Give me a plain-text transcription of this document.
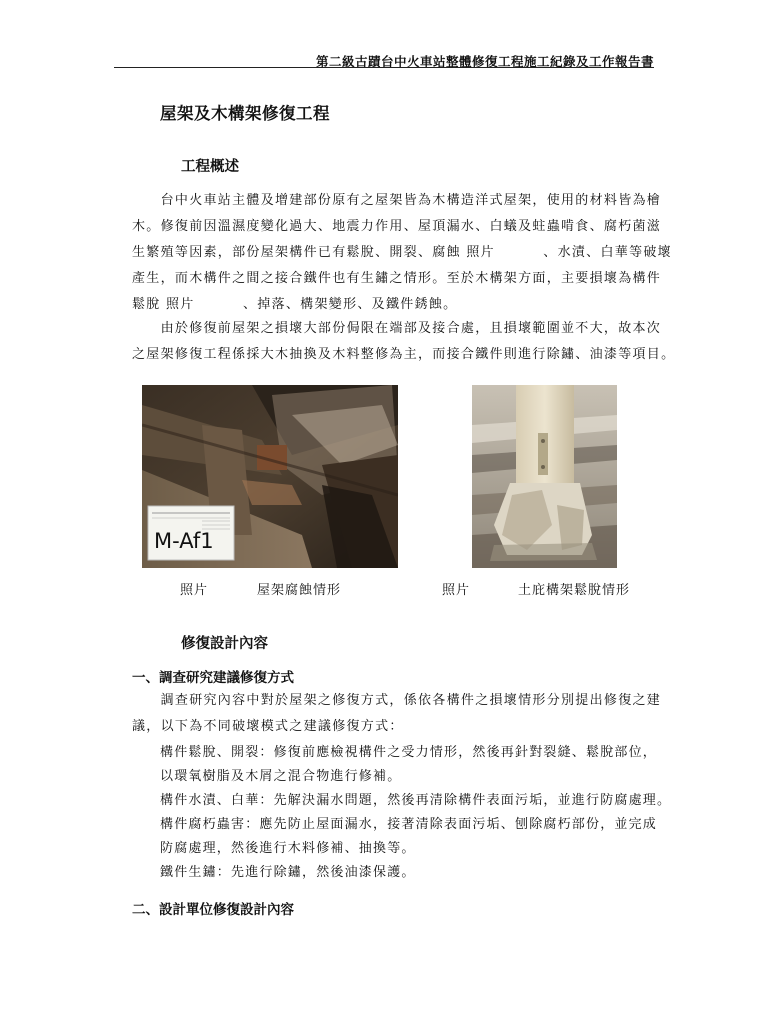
第二級古蹟台中火車站整體修復工程施工紀錄及工作報告書
屋架及木構架修復工程
工程概述
　　台中火車站主體及增建部份原有之屋架皆為木構造洋式屋架，使用的材料皆為檜
木。修復前因溫濕度變化過大、地震力作用、屋頂漏水、白蟻及蛀蟲啃食、腐朽菌滋
生繁殖等因素，部份屋架構件已有鬆脫、開裂、腐蝕 照片 　　　、水漬、白華等破壞
產生，而木構件之間之接合鐵件也有生鏽之情形。至於木構架方面，主要損壞為構件
鬆脫 照片 　　　、掉落、構架變形、及鐵件銹蝕。
　　由於修復前屋架之損壞大部份侷限在端部及接合處，且損壞範圍並不大，故本次
之屋架修復工程係採大木抽換及木料整修為主，而接合鐵件則進行除鏽、油漆等項目。
M-Af1
照片	屋架腐蝕情形	照片	土庇構架鬆脫情形
修復設計內容
一、調查研究建議修復方式
　　調查研究內容中對於屋架之修復方式，係依各構件之損壞情形分別提出修復之建
議，以下為不同破壞模式之建議修復方式：
構件鬆脫、開裂：修復前應檢視構件之受力情形，然後再針對裂縫、鬆脫部位，
以環氧樹脂及木屑之混合物進行修補。
構件水漬、白華：先解決漏水問題，然後再清除構件表面污垢，並進行防腐處理。
構件腐朽蟲害：應先防止屋面漏水，接著清除表面污垢、刨除腐朽部份，並完成
防腐處理，然後進行木料修補、抽換等。
鐵件生鏽：先進行除鏽，然後油漆保護。
二、設計單位修復設計內容
